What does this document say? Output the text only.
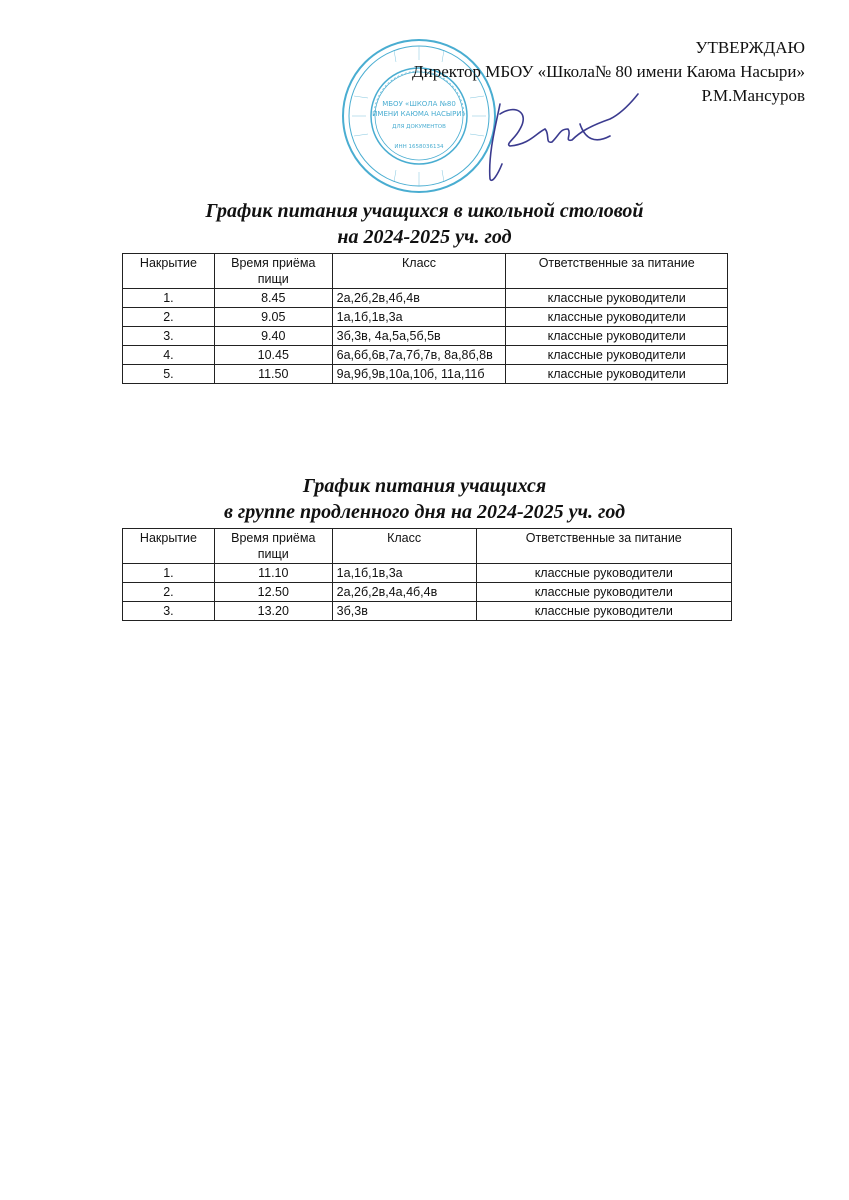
МБОУ «ШКОЛА №80
ИМЕНИ КАЮМА НАСЫРИ»
ДЛЯ ДОКУМЕНТОВ
ИНН 1658036134
УТВЕРЖДАЮ
Директор МБОУ «Школа№ 80 имени Каюма Насыри»
Р.М.Мансуров
График питания учащихся в школьной столовой
на 2024-2025 уч. год
Накрытие	Время приёма пищи	Класс	Ответственные за питание
1.	8.45	2а,2б,2в,4б,4в	классные руководители
2.	9.05	1а,1б,1в,3а	классные руководители
3.	9.40	3б,3в, 4а,5а,5б,5в	классные руководители
4.	10.45	6а,6б,6в,7а,7б,7в, 8а,8б,8в	классные руководители
5.	11.50	9а,9б,9в,10а,10б, 11а,11б	классные руководители
График питания учащихся
в группе продленного дня на 2024-2025 уч. год
Накрытие	Время приёма пищи	Класс	Ответственные за питание
1.	11.10	1а,1б,1в,3а	классные руководители
2.	12.50	2а,2б,2в,4а,4б,4в	классные руководители
3.	13.20	3б,3в	классные руководители
